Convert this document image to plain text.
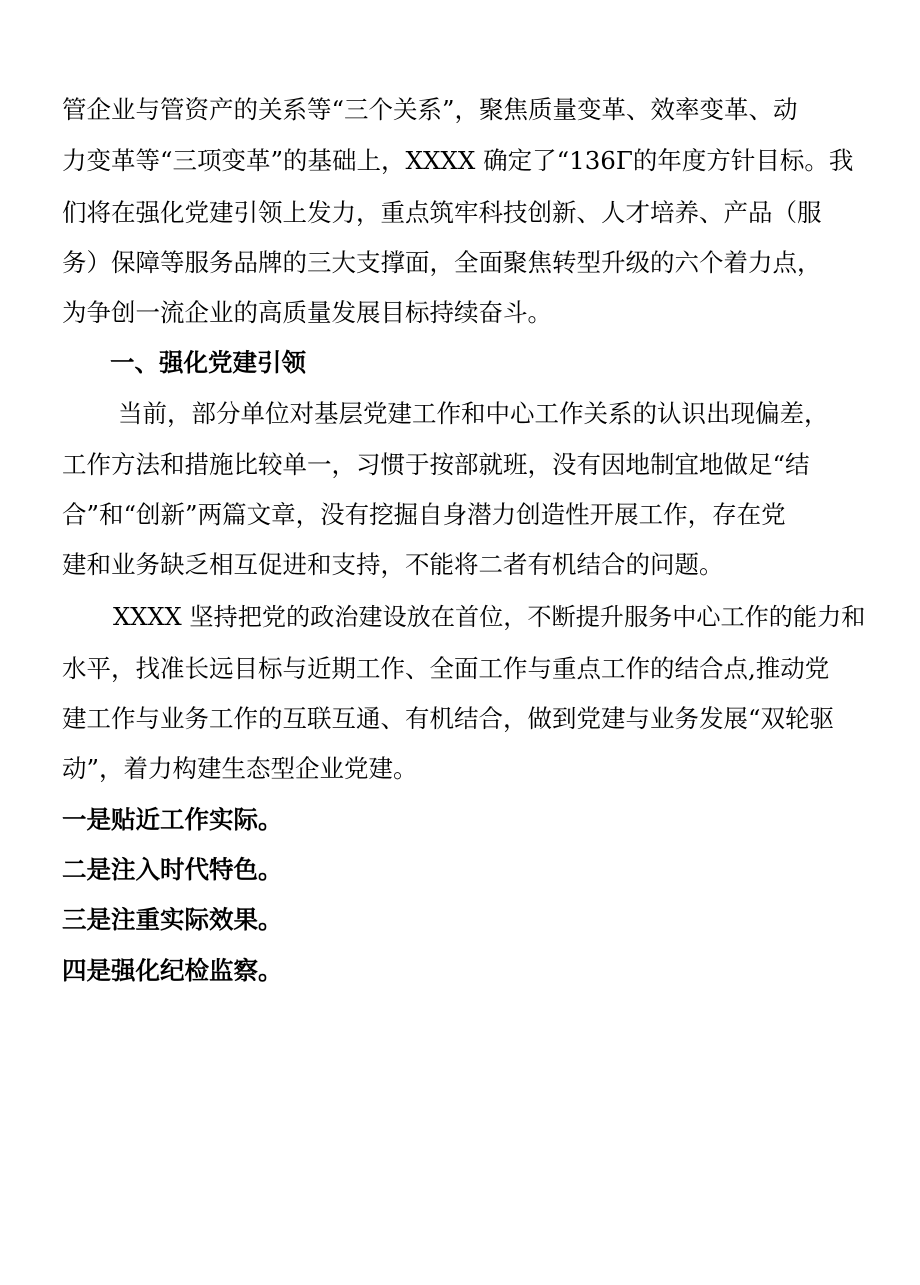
管企业与管资产的关系等“三个关系”，聚焦质量变革、效率变革、动
力变革等“三项变革”的基础上，XXXX 确定了“136Γ的年度方针目标。我
们将在强化党建引领上发力，重点筑牢科技创新、人才培养、产品（服
务）保障等服务品牌的三大支撑面，全面聚焦转型升级的六个着力点，
为争创一流企业的高质量发展目标持续奋斗。
一、强化党建引领
当前，部分单位对基层党建工作和中心工作关系的认识出现偏差，
工作方法和措施比较单一，习惯于按部就班，没有因地制宜地做足“结
合”和“创新”两篇文章，没有挖掘自身潜力创造性开展工作，存在党
建和业务缺乏相互促进和支持，不能将二者有机结合的问题。
XXXX 坚持把党的政治建设放在首位，不断提升服务中心工作的能力和
水平，找准长远目标与近期工作、全面工作与重点工作的结合点,推动党
建工作与业务工作的互联互通、有机结合，做到党建与业务发展“双轮驱
动”，着力构建生态型企业党建。
一是贴近工作实际。
二是注入时代特色。
三是注重实际效果。
四是强化纪检监察。
